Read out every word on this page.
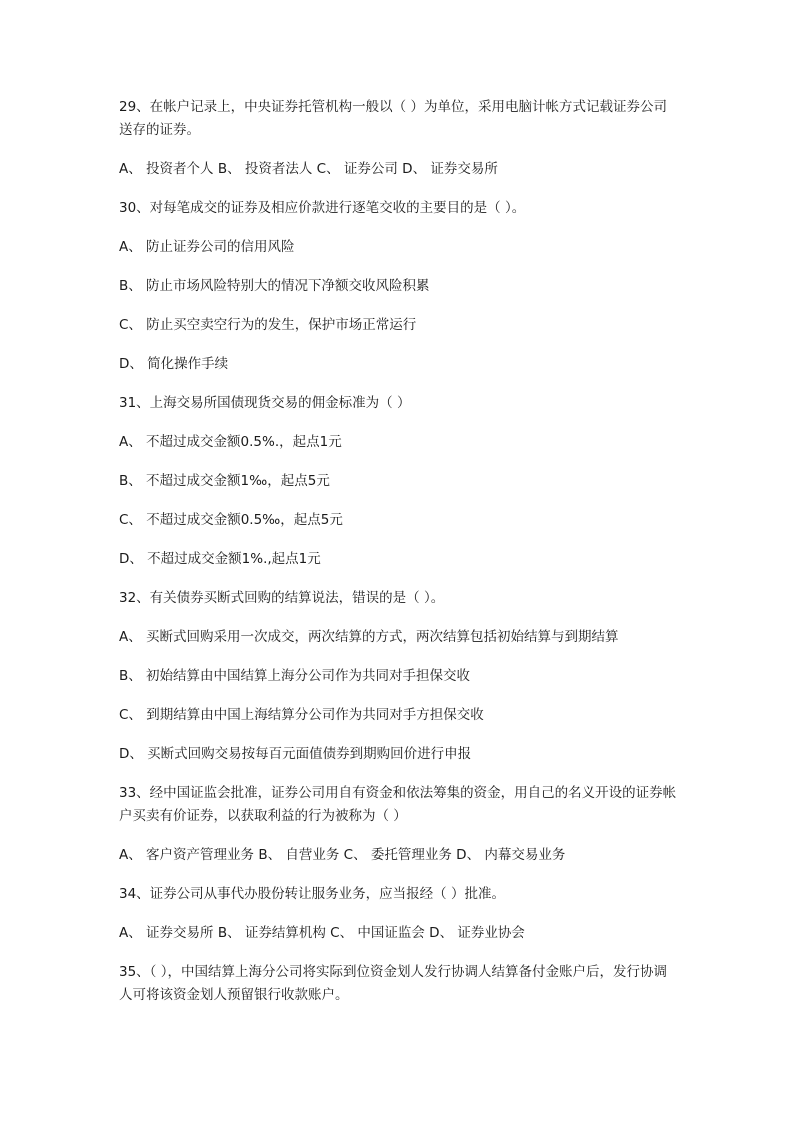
29、在帐户记录上，中央证券托管机构一般以（ ）为单位，采用电脑计帐方式记载证券公司送存的证券。
A、 投资者个人 B、 投资者法人 C、 证券公司 D、 证券交易所
30、对每笔成交的证券及相应价款进行逐笔交收的主要目的是（ ）。
A、 防止证券公司的信用风险
B、 防止市场风险特别大的情况下净额交收风险积累
C、 防止买空卖空行为的发生，保护市场正常运行
D、 简化操作手续
31、上海交易所国债现货交易的佣金标准为（ ）
A、 不超过成交金额0.5%.，起点1元
B、 不超过成交金额1‰，起点5元
C、 不超过成交金额0.5‰，起点5元
D、 不超过成交金额1%.,起点1元
32、有关债券买断式回购的结算说法，错误的是（ ）。
A、 买断式回购采用一次成交，两次结算的方式，两次结算包括初始结算与到期结算
B、 初始结算由中国结算上海分公司作为共同对手担保交收
C、 到期结算由中国上海结算分公司作为共同对手方担保交收
D、 买断式回购交易按每百元面值债券到期购回价进行申报
33、经中国证监会批准，证券公司用自有资金和依法筹集的资金，用自己的名义开设的证券帐户买卖有价证券，以获取利益的行为被称为（ ）
A、 客户资产管理业务 B、 自营业务 C、 委托管理业务 D、 内幕交易业务
34、证券公司从事代办股份转让服务业务，应当报经（ ）批准。
A、 证券交易所 B、 证券结算机构 C、 中国证监会 D、 证券业协会
35、（ ），中国结算上海分公司将实际到位资金划人发行协调人结算备付金账户后，发行协调人可将该资金划人预留银行收款账户。
